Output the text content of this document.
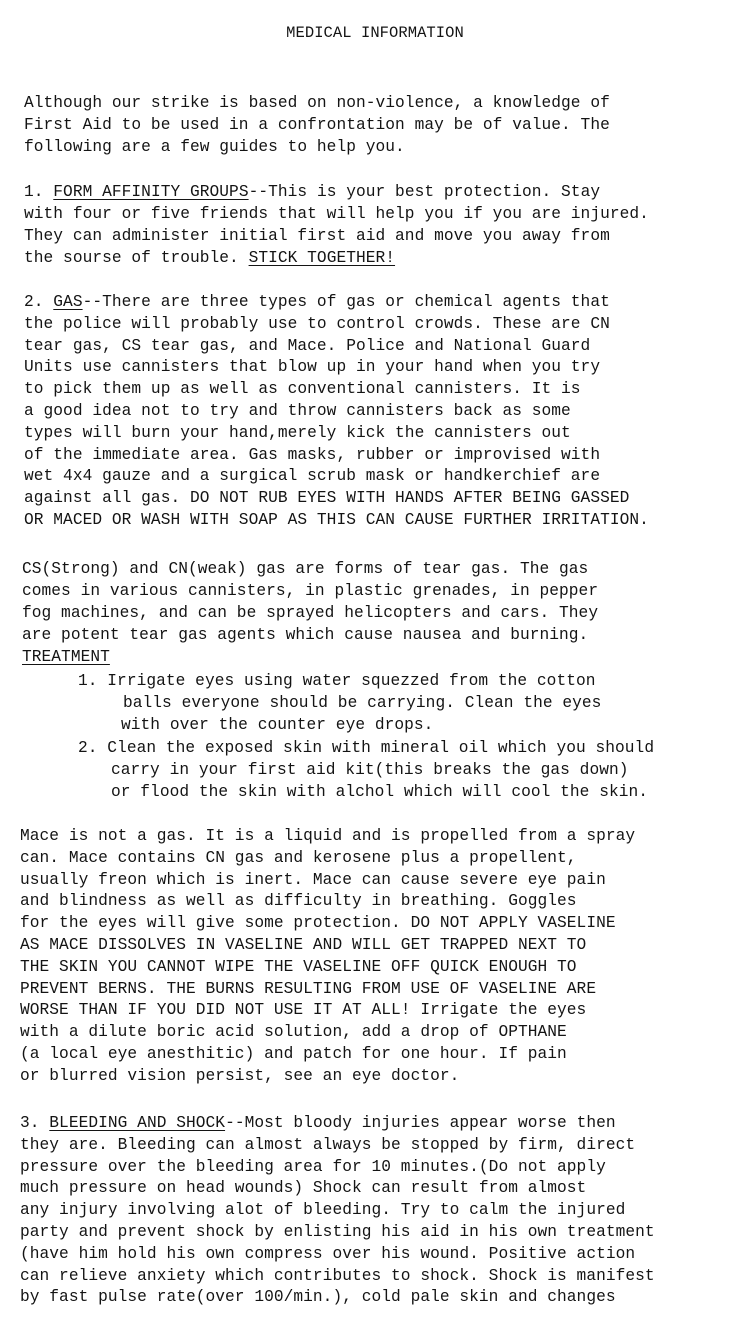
MEDICAL INFORMATION
Although our strike is based on non-violence, a knowledge of
First Aid to be used in a confrontation may be of value. The
following are a few guides to help you.
1. FORM AFFINITY GROUPS--This is your best protection. Stay
with four or five friends that will help you if you are injured.
They can administer initial first aid and move you away from
the sourse of trouble. STICK TOGETHER!
2. GAS--There are three types of gas or chemical agents that
the police will probably use to control crowds. These are CN
tear gas, CS tear gas, and Mace. Police and National Guard
Units use cannisters that blow up in your hand when you try
to pick them up as well as conventional cannisters. It is
a good idea not to try and throw cannisters back as some
types will burn your hand,merely kick the cannisters out
of the immediate area. Gas masks, rubber or improvised with
wet 4x4 gauze and a surgical scrub mask or handkerchief are
against all gas. DO NOT RUB EYES WITH HANDS AFTER BEING GASSED
OR MACED OR WASH WITH SOAP AS THIS CAN CAUSE FURTHER IRRITATION.
CS(Strong) and CN(weak) gas are forms of tear gas. The gas
comes in various cannisters, in plastic grenades, in pepper
fog machines, and can be sprayed helicopters and cars. They
are potent tear gas agents which cause nausea and burning.
TREATMENT
1. Irrigate eyes using water squezzed from the cotton
balls everyone should be carrying. Clean the eyes
with over the counter eye drops.
2. Clean the exposed skin with mineral oil which you should
carry in your first aid kit(this breaks the gas down)
or flood the skin with alchol which will cool the skin.
Mace is not a gas. It is a liquid and is propelled from a spray
can. Mace contains CN gas and kerosene plus a propellent,
usually freon which is inert. Mace can cause severe eye pain
and blindness as well as difficulty in breathing. Goggles
for the eyes will give some protection. DO NOT APPLY VASELINE
AS MACE DISSOLVES IN VASELINE AND WILL GET TRAPPED NEXT TO
THE SKIN YOU CANNOT WIPE THE VASELINE OFF QUICK ENOUGH TO
PREVENT BERNS. THE BURNS RESULTING FROM USE OF VASELINE ARE
WORSE THAN IF YOU DID NOT USE IT AT ALL! Irrigate the eyes
with a dilute boric acid solution, add a drop of OPTHANE
(a local eye anesthitic) and patch for one hour. If pain
or blurred vision persist, see an eye doctor.
3. BLEEDING AND SHOCK--Most bloody injuries appear worse then
they are. Bleeding can almost always be stopped by firm, direct
pressure over the bleeding area for 10 minutes.(Do not apply
much pressure on head wounds) Shock can result from almost
any injury involving alot of bleeding. Try to calm the injured
party and prevent shock by enlisting his aid in his own treatment
(have him hold his own compress over his wound. Positive action
can relieve anxiety which contributes to shock. Shock is manifest
by fast pulse rate(over 100/min.), cold pale skin and changes
